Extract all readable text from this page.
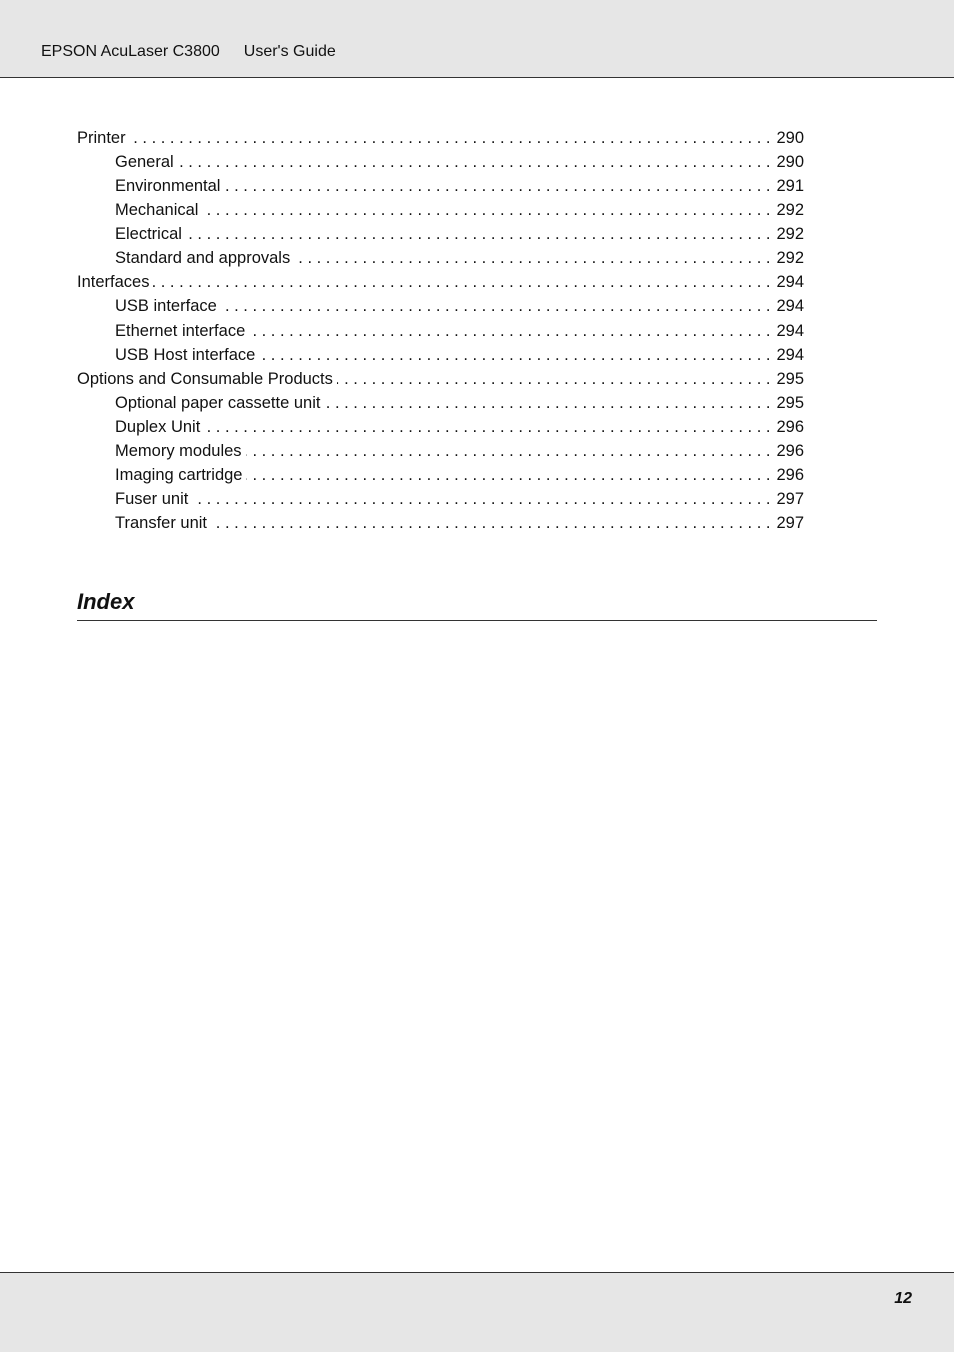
EPSON AcuLaser C3800 User's Guide
Printer . . .	290
General . . .	290
Environmental . . .	291
Mechanical . . .	292
Electrical . . .	292
Standard and approvals . . .	292
Interfaces . . .	294
USB interface . . .	294
Ethernet interface . . .	294
USB Host interface . . .	294
Options and Consumable Products . . .	295
Optional paper cassette unit . . .	295
Duplex Unit . . .	296
Memory modules . . .	296
Imaging cartridge . . .	296
Fuser unit . . .	297
Transfer unit . . .	297
Index
12
